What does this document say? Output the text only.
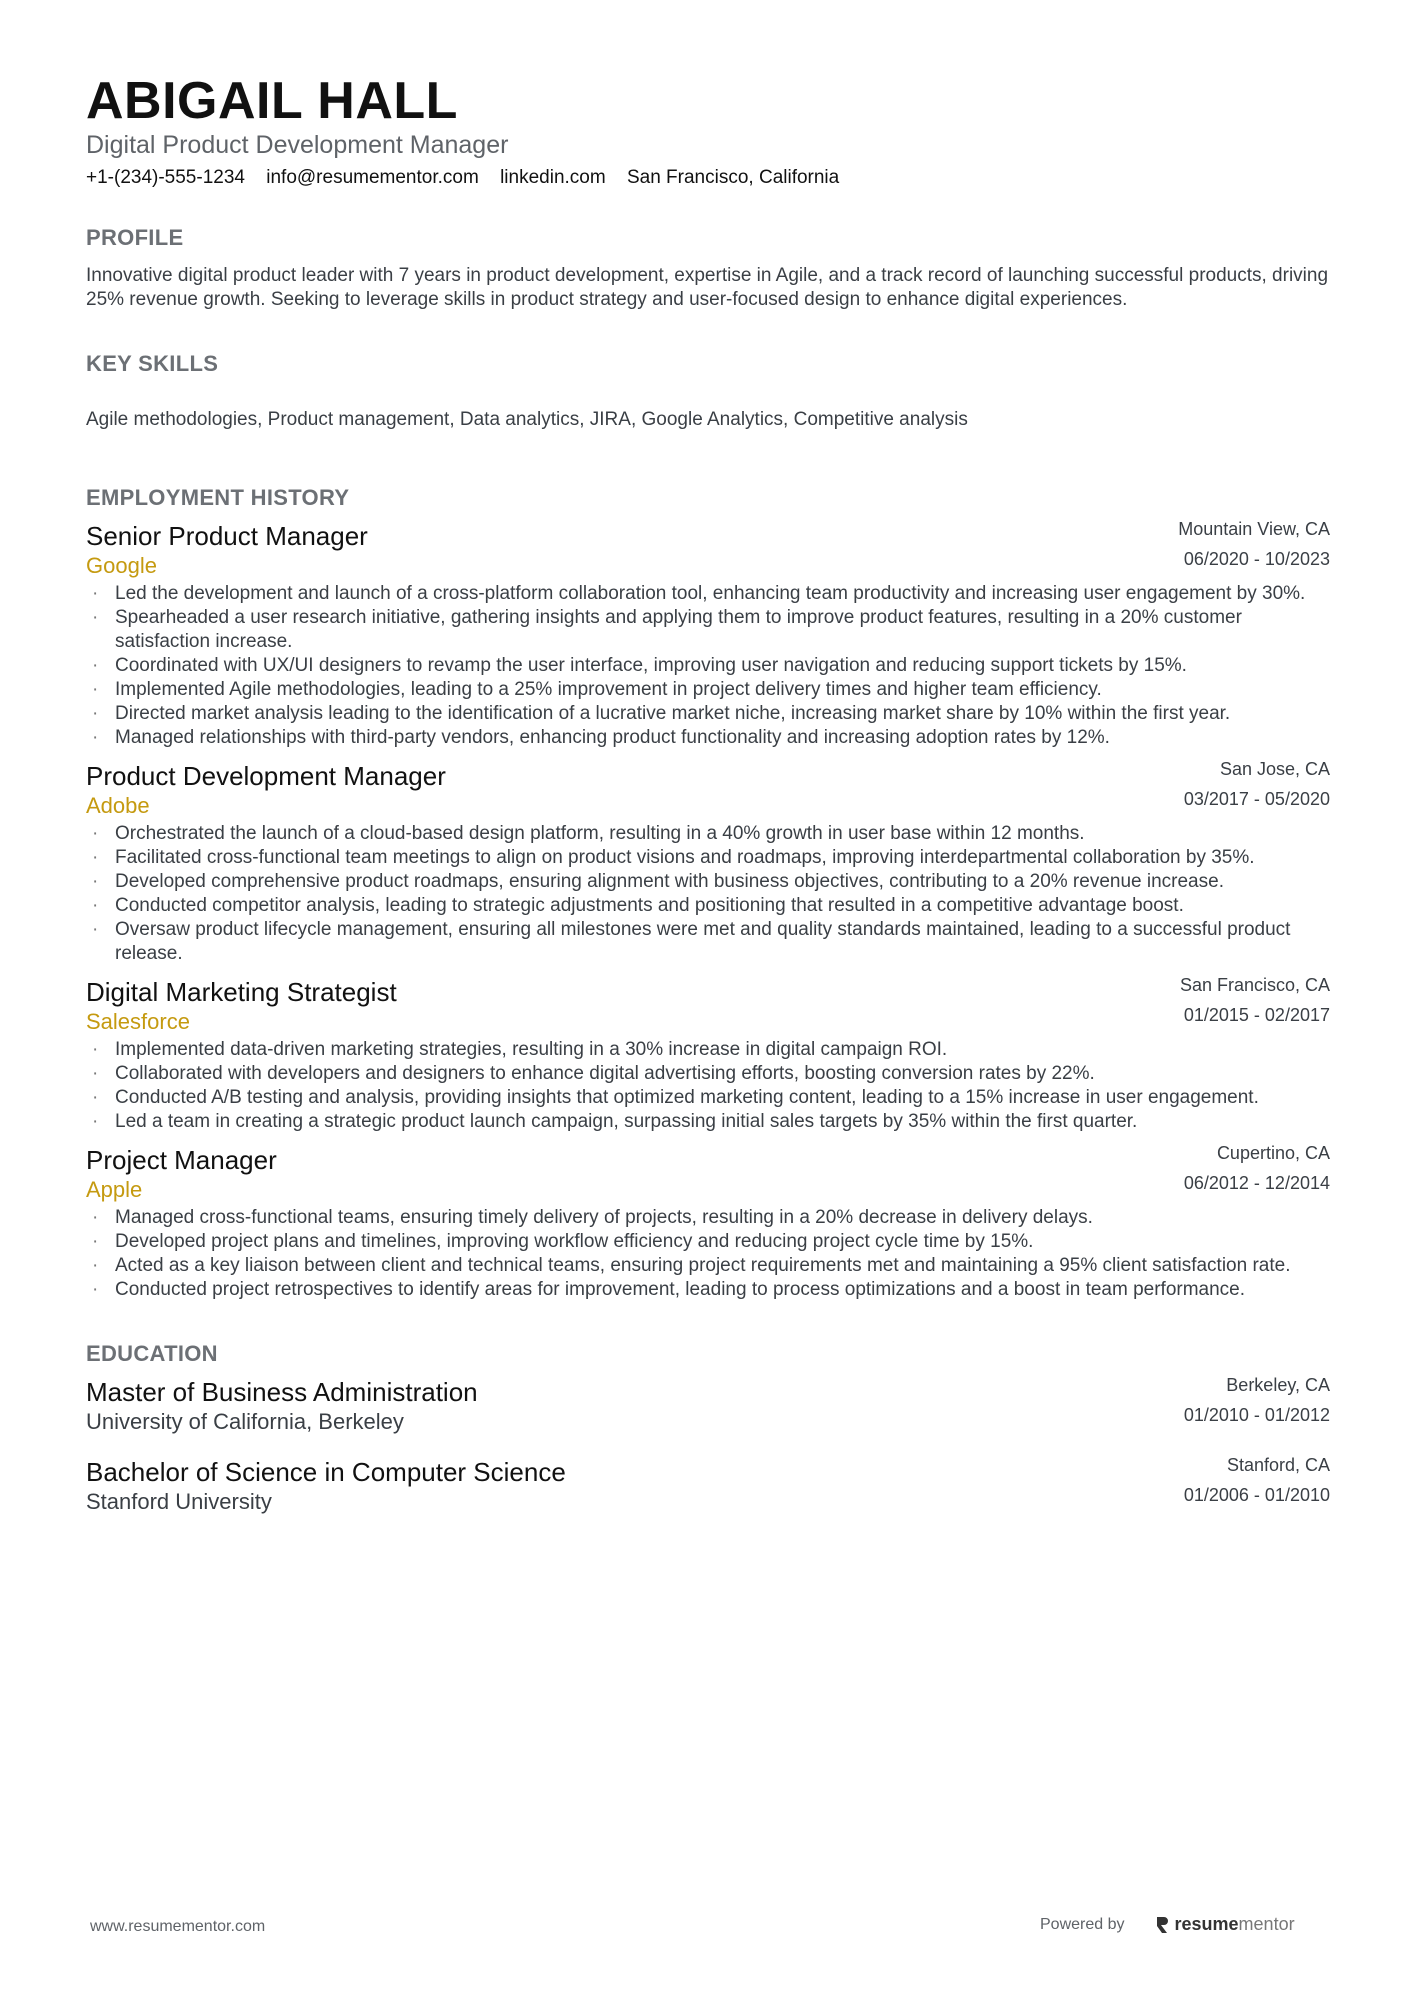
ABIGAIL HALL
Digital Product Development Manager
+1-(234)-555-1234 info@resumementor.com linkedin.com San Francisco, California
PROFILE
Innovative digital product leader with 7 years in product development, expertise in Agile, and a track record of launching successful products, driving 25% revenue growth. Seeking to leverage skills in product strategy and user-focused design to enhance digital experiences.
KEY SKILLS
Agile methodologies, Product management, Data analytics, JIRA, Google Analytics, Competitive analysis
EMPLOYMENT HISTORY
Mountain View, CA
06/2020 - 10/2023
Senior Product Manager
Google
· Led the development and launch of a cross-platform collaboration tool, enhancing team productivity and increasing user engagement by 30%.
· Spearheaded a user research initiative, gathering insights and applying them to improve product features, resulting in a 20% customer satisfaction increase.
· Coordinated with UX/UI designers to revamp the user interface, improving user navigation and reducing support tickets by 15%.
· Implemented Agile methodologies, leading to a 25% improvement in project delivery times and higher team efficiency.
· Directed market analysis leading to the identification of a lucrative market niche, increasing market share by 10% within the first year.
· Managed relationships with third-party vendors, enhancing product functionality and increasing adoption rates by 12%.
San Jose, CA
03/2017 - 05/2020
Product Development Manager
Adobe
· Orchestrated the launch of a cloud-based design platform, resulting in a 40% growth in user base within 12 months.
· Facilitated cross-functional team meetings to align on product visions and roadmaps, improving interdepartmental collaboration by 35%.
· Developed comprehensive product roadmaps, ensuring alignment with business objectives, contributing to a 20% revenue increase.
· Conducted competitor analysis, leading to strategic adjustments and positioning that resulted in a competitive advantage boost.
· Oversaw product lifecycle management, ensuring all milestones were met and quality standards maintained, leading to a successful product release.
San Francisco, CA
01/2015 - 02/2017
Digital Marketing Strategist
Salesforce
· Implemented data-driven marketing strategies, resulting in a 30% increase in digital campaign ROI.
· Collaborated with developers and designers to enhance digital advertising efforts, boosting conversion rates by 22%.
· Conducted A/B testing and analysis, providing insights that optimized marketing content, leading to a 15% increase in user engagement.
· Led a team in creating a strategic product launch campaign, surpassing initial sales targets by 35% within the first quarter.
Cupertino, CA
06/2012 - 12/2014
Project Manager
Apple
· Managed cross-functional teams, ensuring timely delivery of projects, resulting in a 20% decrease in delivery delays.
· Developed project plans and timelines, improving workflow efficiency and reducing project cycle time by 15%.
· Acted as a key liaison between client and technical teams, ensuring project requirements met and maintaining a 95% client satisfaction rate.
· Conducted project retrospectives to identify areas for improvement, leading to process optimizations and a boost in team performance.
EDUCATION
Berkeley, CA
01/2010 - 01/2012
Master of Business Administration
University of California, Berkeley
Stanford, CA
01/2006 - 01/2010
Bachelor of Science in Computer Science
Stanford University
www.resumementor.com	Powered by	resumementor
